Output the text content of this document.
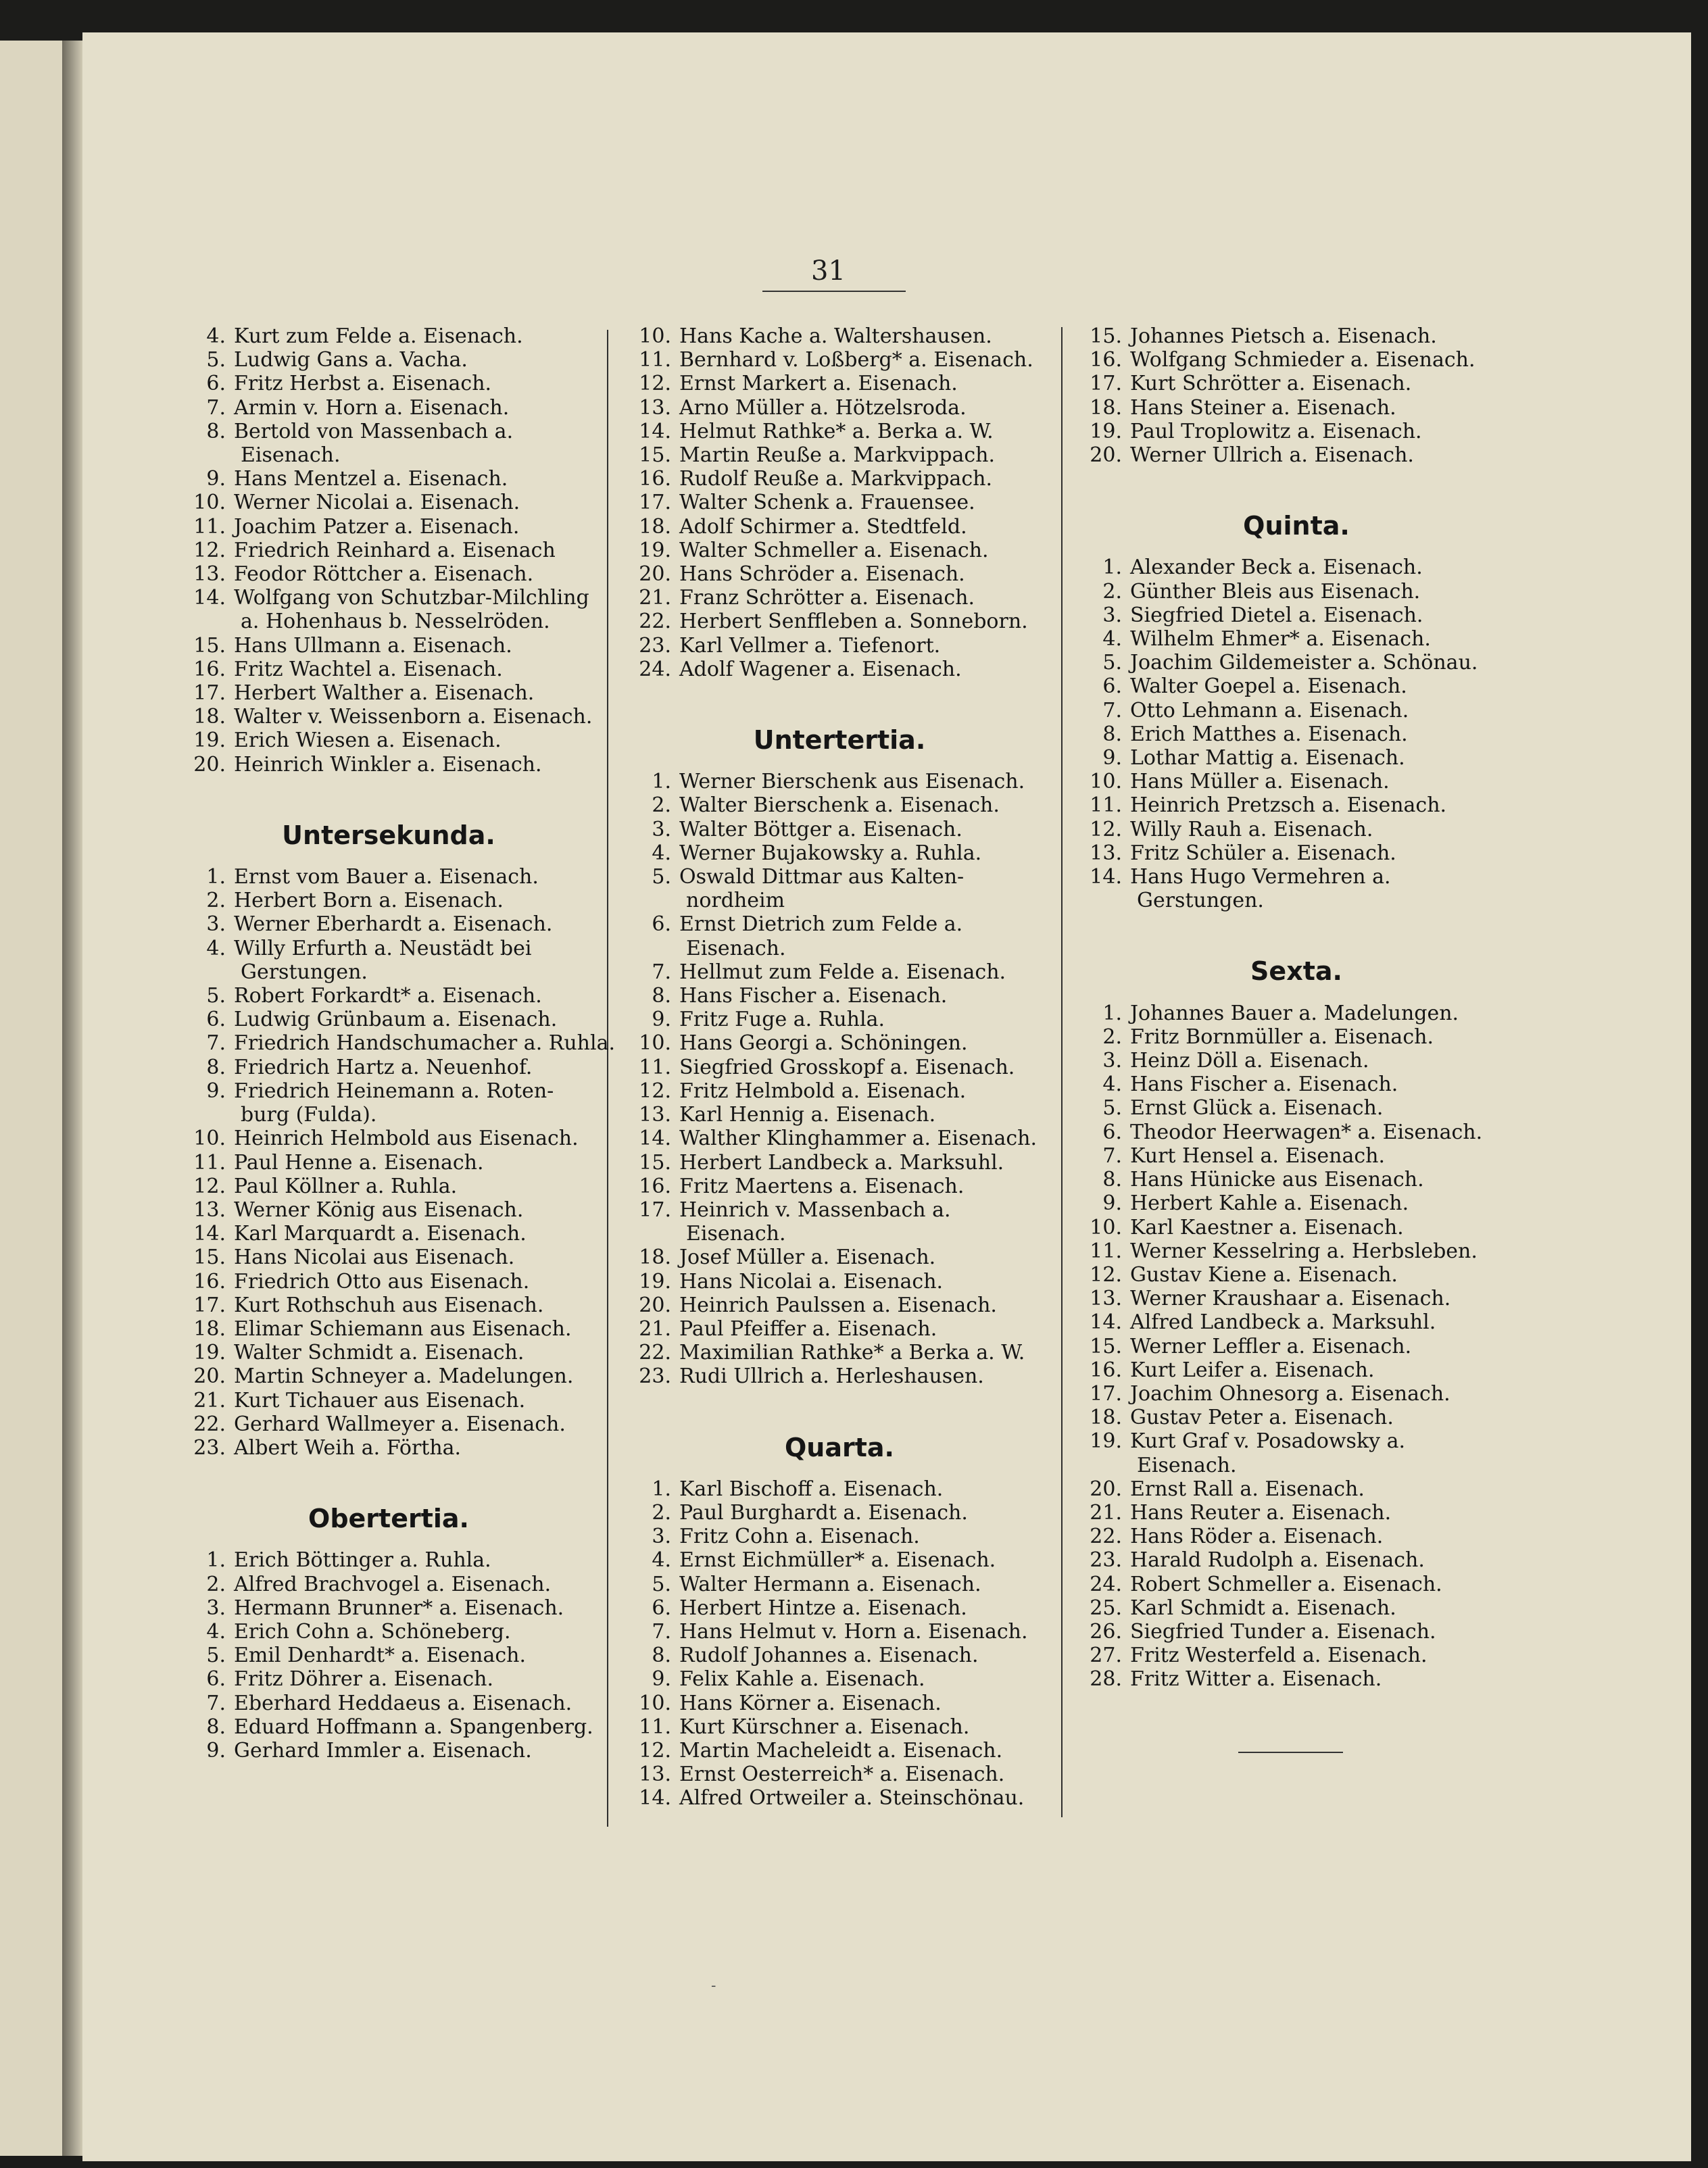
31
4. Kurt zum Felde a. Eisenach.
5. Ludwig Gans a. Vacha.
6. Fritz Herbst a. Eisenach.
7. Armin v. Horn a. Eisenach.
8. Bertold von Massenbach a.
Eisenach.
9. Hans Mentzel a. Eisenach.
10. Werner Nicolai a. Eisenach.
11. Joachim Patzer a. Eisenach.
12. Friedrich Reinhard a. Eisenach
13. Feodor Röttcher a. Eisenach.
14. Wolfgang von Schutzbar-Milchling
a. Hohenhaus b. Nesselröden.
15. Hans Ullmann a. Eisenach.
16. Fritz Wachtel a. Eisenach.
17. Herbert Walther a. Eisenach.
18. Walter v. Weissenborn a. Eisenach.
19. Erich Wiesen a. Eisenach.
20. Heinrich Winkler a. Eisenach.
Untersekunda.
1. Ernst vom Bauer a. Eisenach.
2. Herbert Born a. Eisenach.
3. Werner Eberhardt a. Eisenach.
4. Willy Erfurth a. Neustädt bei
Gerstungen.
5. Robert Forkardt* a. Eisenach.
6. Ludwig Grünbaum a. Eisenach.
7. Friedrich Handschumacher a. Ruhla.
8. Friedrich Hartz a. Neuenhof.
9. Friedrich Heinemann a. Roten-
burg (Fulda).
10. Heinrich Helmbold aus Eisenach.
11. Paul Henne a. Eisenach.
12. Paul Köllner a. Ruhla.
13. Werner König aus Eisenach.
14. Karl Marquardt a. Eisenach.
15. Hans Nicolai aus Eisenach.
16. Friedrich Otto aus Eisenach.
17. Kurt Rothschuh aus Eisenach.
18. Elimar Schiemann aus Eisenach.
19. Walter Schmidt a. Eisenach.
20. Martin Schneyer a. Madelungen.
21. Kurt Tichauer aus Eisenach.
22. Gerhard Wallmeyer a. Eisenach.
23. Albert Weih a. Förtha.
Obertertia.
1. Erich Böttinger a. Ruhla.
2. Alfred Brachvogel a. Eisenach.
3. Hermann Brunner* a. Eisenach.
4. Erich Cohn a. Schöneberg.
5. Emil Denhardt* a. Eisenach.
6. Fritz Döhrer a. Eisenach.
7. Eberhard Heddaeus a. Eisenach.
8. Eduard Hoffmann a. Spangenberg.
9. Gerhard Immler a. Eisenach.
10. Hans Kache a. Waltershausen.
11. Bernhard v. Loßberg* a. Eisenach.
12. Ernst Markert a. Eisenach.
13. Arno Müller a. Hötzelsroda.
14. Helmut Rathke* a. Berka a. W.
15. Martin Reuße a. Markvippach.
16. Rudolf Reuße a. Markvippach.
17. Walter Schenk a. Frauensee.
18. Adolf Schirmer a. Stedtfeld.
19. Walter Schmeller a. Eisenach.
20. Hans Schröder a. Eisenach.
21. Franz Schrötter a. Eisenach.
22. Herbert Senffleben a. Sonneborn.
23. Karl Vellmer a. Tiefenort.
24. Adolf Wagener a. Eisenach.
Untertertia.
1. Werner Bierschenk aus Eisenach.
2. Walter Bierschenk a. Eisenach.
3. Walter Böttger a. Eisenach.
4. Werner Bujakowsky a. Ruhla.
5. Oswald Dittmar aus Kalten-
nordheim
6. Ernst Dietrich zum Felde a.
Eisenach.
7. Hellmut zum Felde a. Eisenach.
8. Hans Fischer a. Eisenach.
9. Fritz Fuge a. Ruhla.
10. Hans Georgi a. Schöningen.
11. Siegfried Grosskopf a. Eisenach.
12. Fritz Helmbold a. Eisenach.
13. Karl Hennig a. Eisenach.
14. Walther Klinghammer a. Eisenach.
15. Herbert Landbeck a. Marksuhl.
16. Fritz Maertens a. Eisenach.
17. Heinrich v. Massenbach a.
Eisenach.
18. Josef Müller a. Eisenach.
19. Hans Nicolai a. Eisenach.
20. Heinrich Paulssen a. Eisenach.
21. Paul Pfeiffer a. Eisenach.
22. Maximilian Rathke* a Berka a. W.
23. Rudi Ullrich a. Herleshausen.
Quarta.
1. Karl Bischoff a. Eisenach.
2. Paul Burghardt a. Eisenach.
3. Fritz Cohn a. Eisenach.
4. Ernst Eichmüller* a. Eisenach.
5. Walter Hermann a. Eisenach.
6. Herbert Hintze a. Eisenach.
7. Hans Helmut v. Horn a. Eisenach.
8. Rudolf Johannes a. Eisenach.
9. Felix Kahle a. Eisenach.
10. Hans Körner a. Eisenach.
11. Kurt Kürschner a. Eisenach.
12. Martin Macheleidt a. Eisenach.
13. Ernst Oesterreich* a. Eisenach.
14. Alfred Ortweiler a. Steinschönau.
15. Johannes Pietsch a. Eisenach.
16. Wolfgang Schmieder a. Eisenach.
17. Kurt Schrötter a. Eisenach.
18. Hans Steiner a. Eisenach.
19. Paul Troplowitz a. Eisenach.
20. Werner Ullrich a. Eisenach.
Quinta.
1. Alexander Beck a. Eisenach.
2. Günther Bleis aus Eisenach.
3. Siegfried Dietel a. Eisenach.
4. Wilhelm Ehmer* a. Eisenach.
5. Joachim Gildemeister a. Schönau.
6. Walter Goepel a. Eisenach.
7. Otto Lehmann a. Eisenach.
8. Erich Matthes a. Eisenach.
9. Lothar Mattig a. Eisenach.
10. Hans Müller a. Eisenach.
11. Heinrich Pretzsch a. Eisenach.
12. Willy Rauh a. Eisenach.
13. Fritz Schüler a. Eisenach.
14. Hans Hugo Vermehren a.
Gerstungen.
Sexta.
1. Johannes Bauer a. Madelungen.
2. Fritz Bornmüller a. Eisenach.
3. Heinz Döll a. Eisenach.
4. Hans Fischer a. Eisenach.
5. Ernst Glück a. Eisenach.
6. Theodor Heerwagen* a. Eisenach.
7. Kurt Hensel a. Eisenach.
8. Hans Hünicke aus Eisenach.
9. Herbert Kahle a. Eisenach.
10. Karl Kaestner a. Eisenach.
11. Werner Kesselring a. Herbsleben.
12. Gustav Kiene a. Eisenach.
13. Werner Kraushaar a. Eisenach.
14. Alfred Landbeck a. Marksuhl.
15. Werner Leffler a. Eisenach.
16. Kurt Leifer a. Eisenach.
17. Joachim Ohnesorg a. Eisenach.
18. Gustav Peter a. Eisenach.
19. Kurt Graf v. Posadowsky a.
Eisenach.
20. Ernst Rall a. Eisenach.
21. Hans Reuter a. Eisenach.
22. Hans Röder a. Eisenach.
23. Harald Rudolph a. Eisenach.
24. Robert Schmeller a. Eisenach.
25. Karl Schmidt a. Eisenach.
26. Siegfried Tunder a. Eisenach.
27. Fritz Westerfeld a. Eisenach.
28. Fritz Witter a. Eisenach.
-
